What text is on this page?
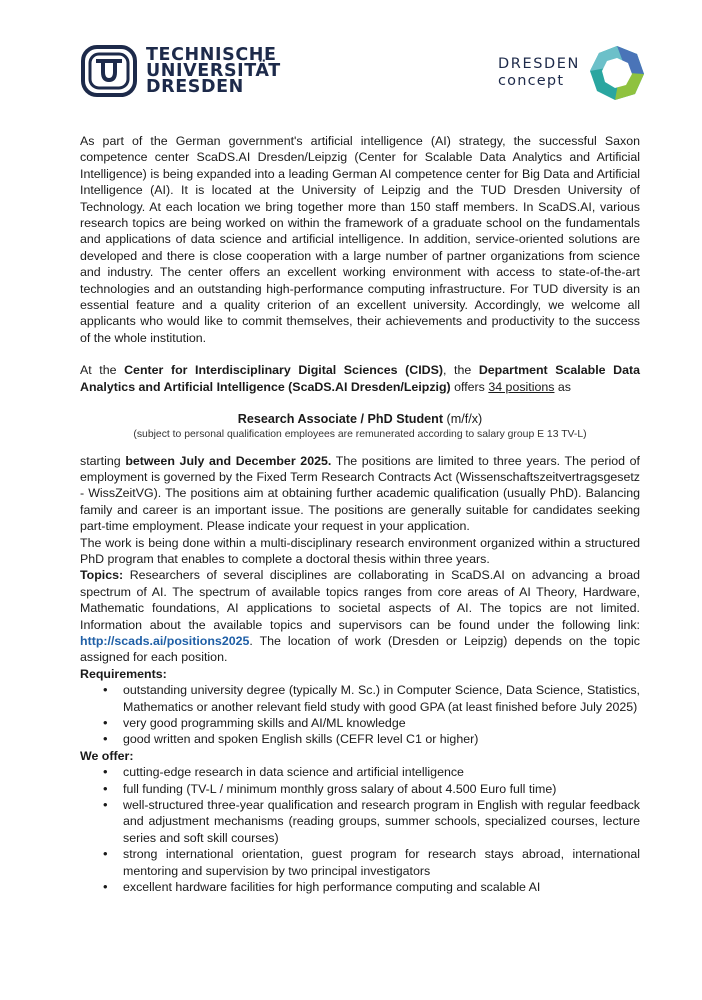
TECHNISCHE
UNIVERSITÄT
DRESDEN
DRESDEN
concept

As part of the German government's artificial intelligence (AI) strategy, the successful Saxon competence center ScaDS.AI Dresden/Leipzig (Center for Scalable Data Analytics and Artificial Intelligence) is being expanded into a leading German AI competence center for Big Data and Artificial Intelligence (AI). It is located at the University of Leipzig and the TUD Dresden University of Technology. At each location we bring together more than 150 staff members. In ScaDS.AI, various research topics are being worked on within the framework of a graduate school on the fundamentals and applications of data science and artificial intelligence. In addition, service-oriented solutions are developed and there is close cooperation with a large number of partner organizations from science and industry. The center offers an excellent working environment with access to state-of-the-art technologies and an outstanding high-performance computing infrastructure. For TUD diversity is an essential feature and a quality criterion of an excellent university. Accordingly, we welcome all applicants who would like to commit themselves, their achievements and productivity to the success of the whole institution.

At the Center for Interdisciplinary Digital Sciences (CIDS), the Department Scalable Data Analytics and Artificial Intelligence (ScaDS.AI Dresden/Leipzig) offers 34 positions as

Research Associate / PhD Student (m/f/x)

(subject to personal qualification employees are remunerated according to salary group E 13 TV-L)

starting between July and December 2025. The positions are limited to three years. The period of employment is governed by the Fixed Term Research Contracts Act (Wissenschaftszeitvertragsgesetz - WissZeitVG). The positions aim at obtaining further academic qualification (usually PhD). Balancing family and career is an important issue. The positions are generally suitable for candidates seeking part-time employment. Please indicate your request in your application.

The work is being done within a multi-disciplinary research environment organized within a structured PhD program that enables to complete a doctoral thesis within three years.

Topics: Researchers of several disciplines are collaborating in ScaDS.AI on advancing a broad spectrum of AI. The spectrum of available topics ranges from core areas of AI Theory, Hardware, Mathematic foundations, AI applications to societal aspects of AI. The topics are not limited. Information about the available topics and supervisors can be found under the following link: http://scads.ai/positions2025. The location of work (Dresden or Leipzig) depends on the topic assigned for each position.

Requirements:

• outstanding university degree (typically M. Sc.) in Computer Science, Data Science, Statistics, Mathematics or another relevant field study with good GPA (at least finished before July 2025)
• very good programming skills and AI/ML knowledge
• good written and spoken English skills (CEFR level C1 or higher)

We offer:

• cutting-edge research in data science and artificial intelligence
• full funding (TV-L / minimum monthly gross salary of about 4.500 Euro full time)
• well-structured three-year qualification and research program in English with regular feedback and adjustment mechanisms (reading groups, summer schools, specialized courses, lecture series and soft skill courses)
• strong international orientation, guest program for research stays abroad, international mentoring and supervision by two principal investigators
• excellent hardware facilities for high performance computing and scalable AI
